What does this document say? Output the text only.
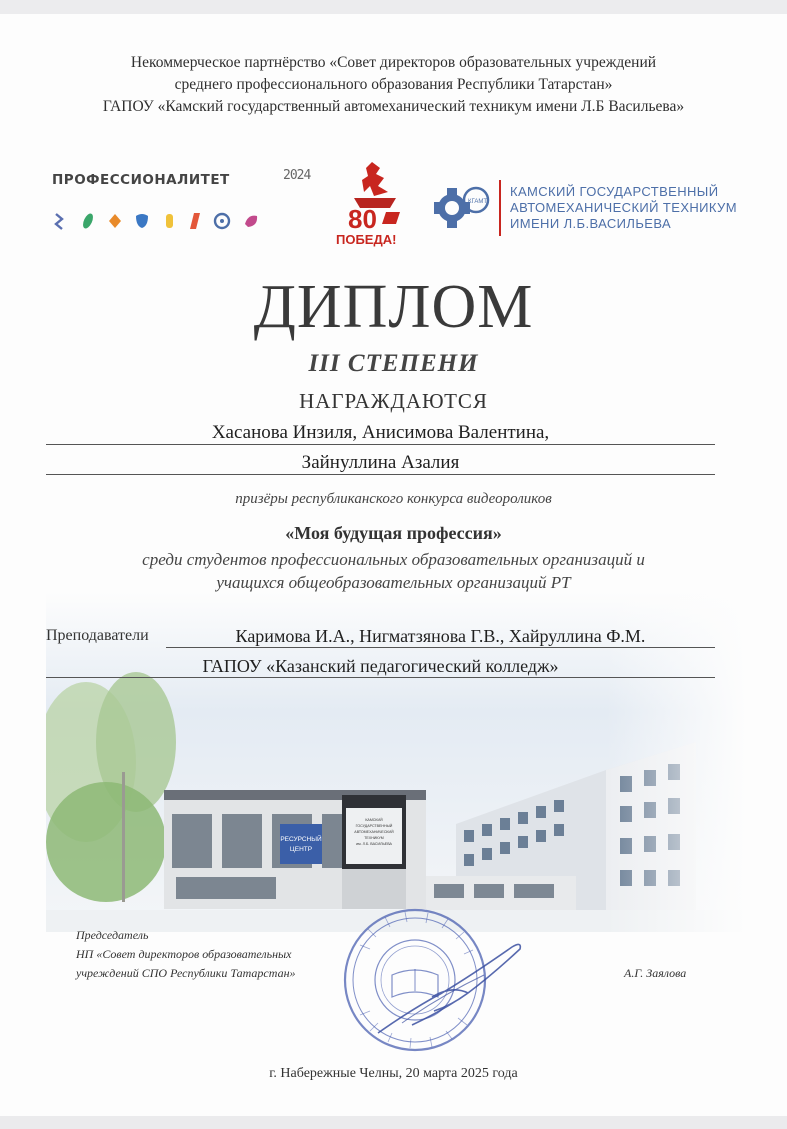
Некоммерческое партнёрство «Совет директоров образовательных учреждений
среднего профессионального образования Республики Татарстан»
ГАПОУ «Камский государственный автомеханический техникум имени Л.Б Васильева»
ПРОФЕССИОНАЛИТЕТ	2024
80
ПОБЕДА!
КГАМТ
КАМСКИЙ ГОСУДАРСТВЕННЫЙ
АВТОМЕХАНИЧЕСКИЙ ТЕХНИКУМ
ИМЕНИ Л.Б.ВАСИЛЬЕВА
ДИПЛОМ
III СТЕПЕНИ
НАГРАЖДАЮТСЯ
Хасанова Инзиля, Анисимова Валентина,
Зайнуллина Азалия
призёры республиканского конкурса видеороликов
«Моя будущая профессия»
среди студентов профессиональных образовательных организаций и
учащихся общеобразовательных организаций РТ
Преподаватели	Каримова И.А., Нигматзянова Г.В., Хайруллина Ф.М.
ГАПОУ «Казанский педагогический колледж»
Председатель
НП «Совет директоров образовательных
учреждений СПО Республики Татарстан»	А.Г. Заялова
г. Набережные Челны, 20 марта 2025 года
